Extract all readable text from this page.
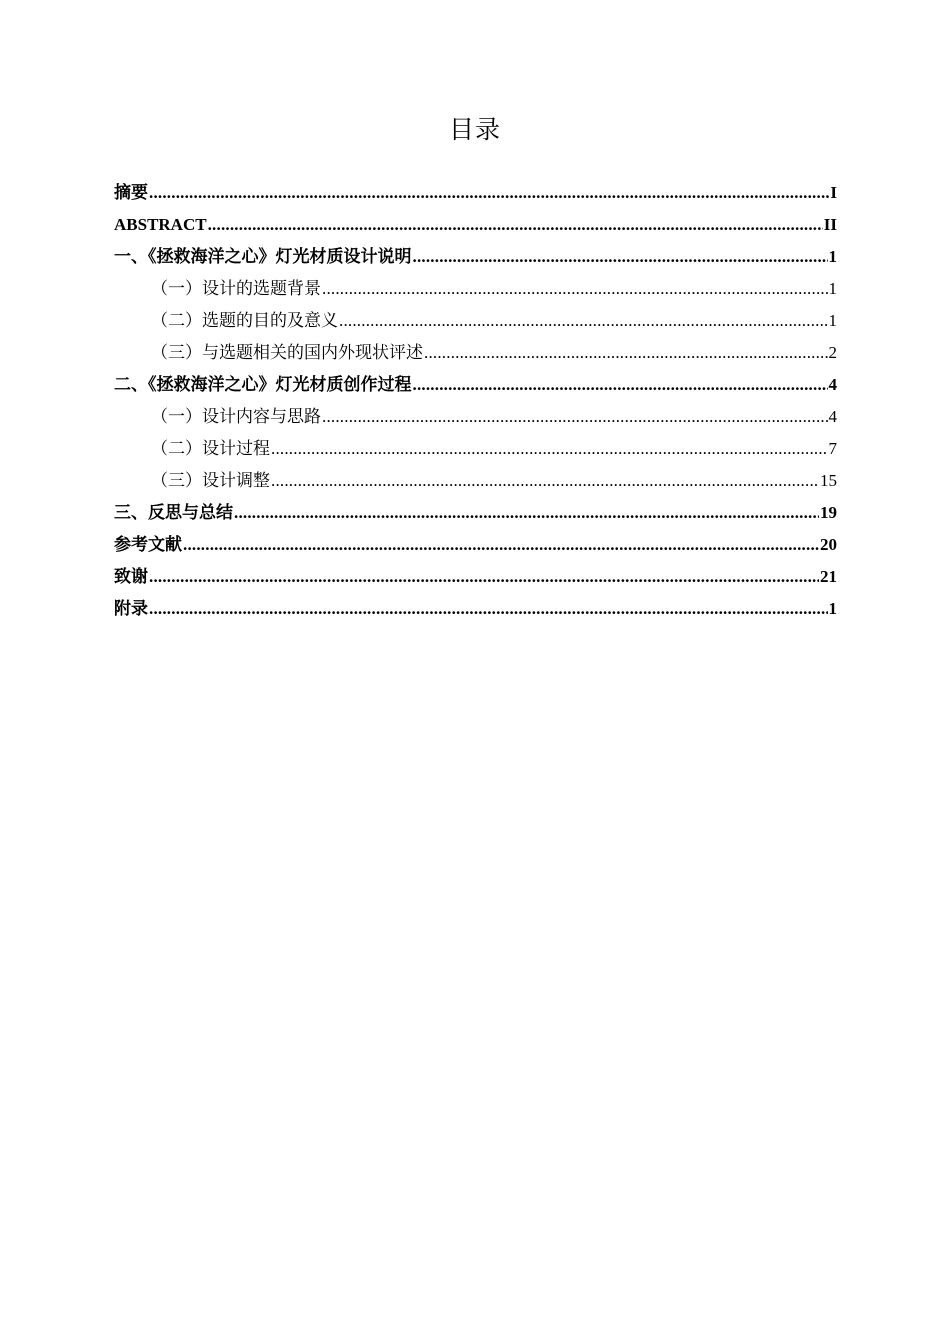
目录
摘要 .....	I
ABSTRACT .....	II
一、《拯救海洋之心》灯光材质设计说明 .....	1
（一）设计的选题背景 .....	1
（二）选题的目的及意义 .....	1
（三）与选题相关的国内外现状评述 .....	2
二、《拯救海洋之心》灯光材质创作过程 .....	4
（一）设计内容与思路 .....	4
（二）设计过程 .....	7
（三）设计调整 .....	15
三、反思与总结 .....	19
参考文献 .....	20
致谢 .....	21
附录 .....	1
